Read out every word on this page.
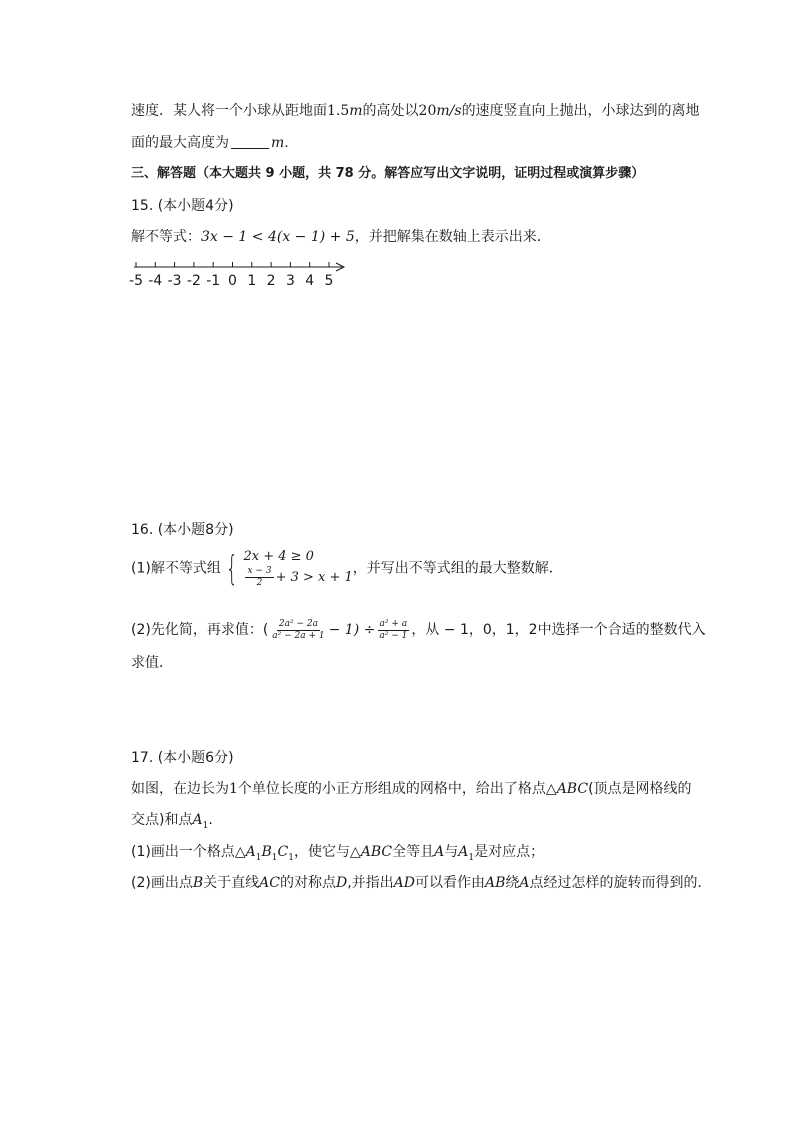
速度．某人将一个小球从距地面1.5m的高处以20m/s的速度竖直向上抛出，小球达到的离地
面的最大高度为	m.
三、解答题（本大题共 9 小题，共 78 分。解答应写出文字说明，证明过程或演算步骤）
15. (本小题4分)
解不等式：3x − 1 < 4(x − 1) + 5，并把解集在数轴上表示出来．
-5 -4 -3 -2 -1 0 1 2 3 4 5
16. (本小题8分)
(1)解不等式组 { 2x + 4 ≥ 0
$\frac{x - 3}{2} + 3 > x + 1$
，并写出不等式组的最大整数解．
(2)先化简，再求值：( $\frac{\text{2a² − 2a}}{\text{a² − 2a + 1}} - 1) \div \frac{\text{a² + a}}{\text{a² − 1}}$ ，从 − 1，0，1，2中选择一个合适的整数代入
求值．
17. (本小题6分)
如图，在边长为1个单位长度的小正方形组成的网格中，给出了格点△ABC(顶点是网格线的
交点)和点$A_1$.
(1)画出一个格点$\triangle A_1B_1C_1$，使它与△ABC全等且A与$A_1$是对应点；
(2)画出点B关于直线AC的对称点D,并指出AD可以看作由AB绕A点经过怎样的旋转而得到的．
